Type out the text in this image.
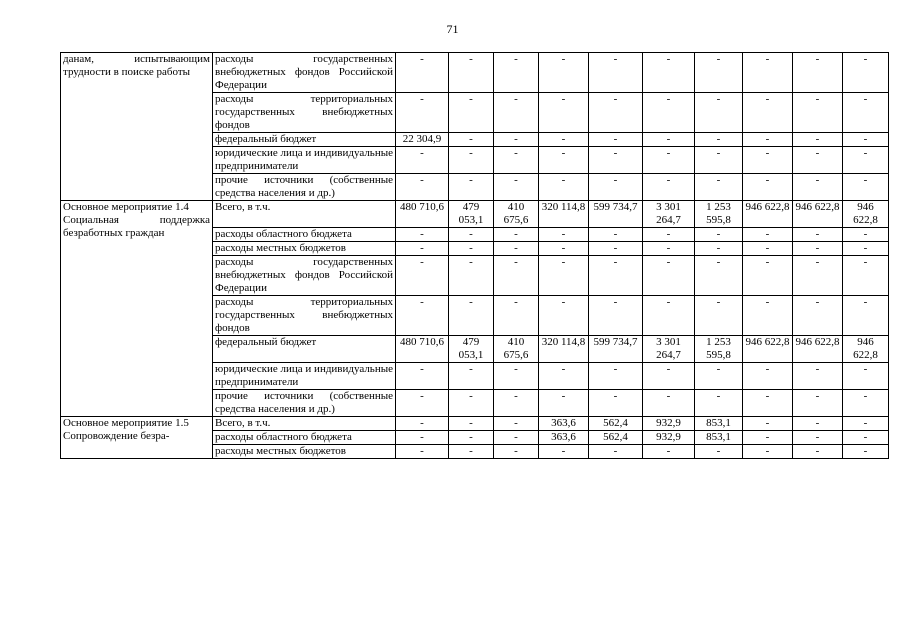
71
данам, испытывающим трудности в поиске работы	расходы государственных внебюджетных фондов Российской Федерации	-	-	-	-	-	-	-	-	-	-
	расходы территориальных государственных внебюджетных фондов	-	-	-	-	-	-	-	-	-	-
	федеральный бюджет	22 304,9	-	-	-	-	-	-	-	-	-
	юридические лица и индивидуальные предприниматели	-	-	-	-	-	-	-	-	-	-
	прочие источники (собственные средства населения и др.)	-	-	-	-	-	-	-	-	-	-

Основное мероприятие 1.4
Социальная поддержка безработных граждан	Всего, в т.ч.	480 710,6	479 053,1	410 675,6	320 114,8	599 734,7	3 301 264,7	1 253 595,8	946 622,8	946 622,8	946 622,8
	расходы областного бюджета	-	-	-	-	-	-	-	-	-	-
	расходы местных бюджетов	-	-	-	-	-	-	-	-	-	-
	расходы государственных внебюджетных фондов Российской Федерации	-	-	-	-	-	-	-	-	-	-
	расходы территориальных государственных внебюджетных фондов	-	-	-	-	-	-	-	-	-	-
	федеральный бюджет	480 710,6	479 053,1	410 675,6	320 114,8	599 734,7	3 301 264,7	1 253 595,8	946 622,8	946 622,8	946 622,8
	юридические лица и индивидуальные предприниматели	-	-	-	-	-	-	-	-	-	-
	прочие источники (собственные средства населения и др.)	-	-	-	-	-	-	-	-	-	-

Основное мероприятие 1.5
Сопровождение безра-	Всего, в т.ч.	-	-	-	363,6	562,4	932,9	853,1	-	-	-
	расходы областного бюджета	-	-	-	363,6	562,4	932,9	853,1	-	-	-
	расходы местных бюджетов	-	-	-	-	-	-	-	-	-	-
